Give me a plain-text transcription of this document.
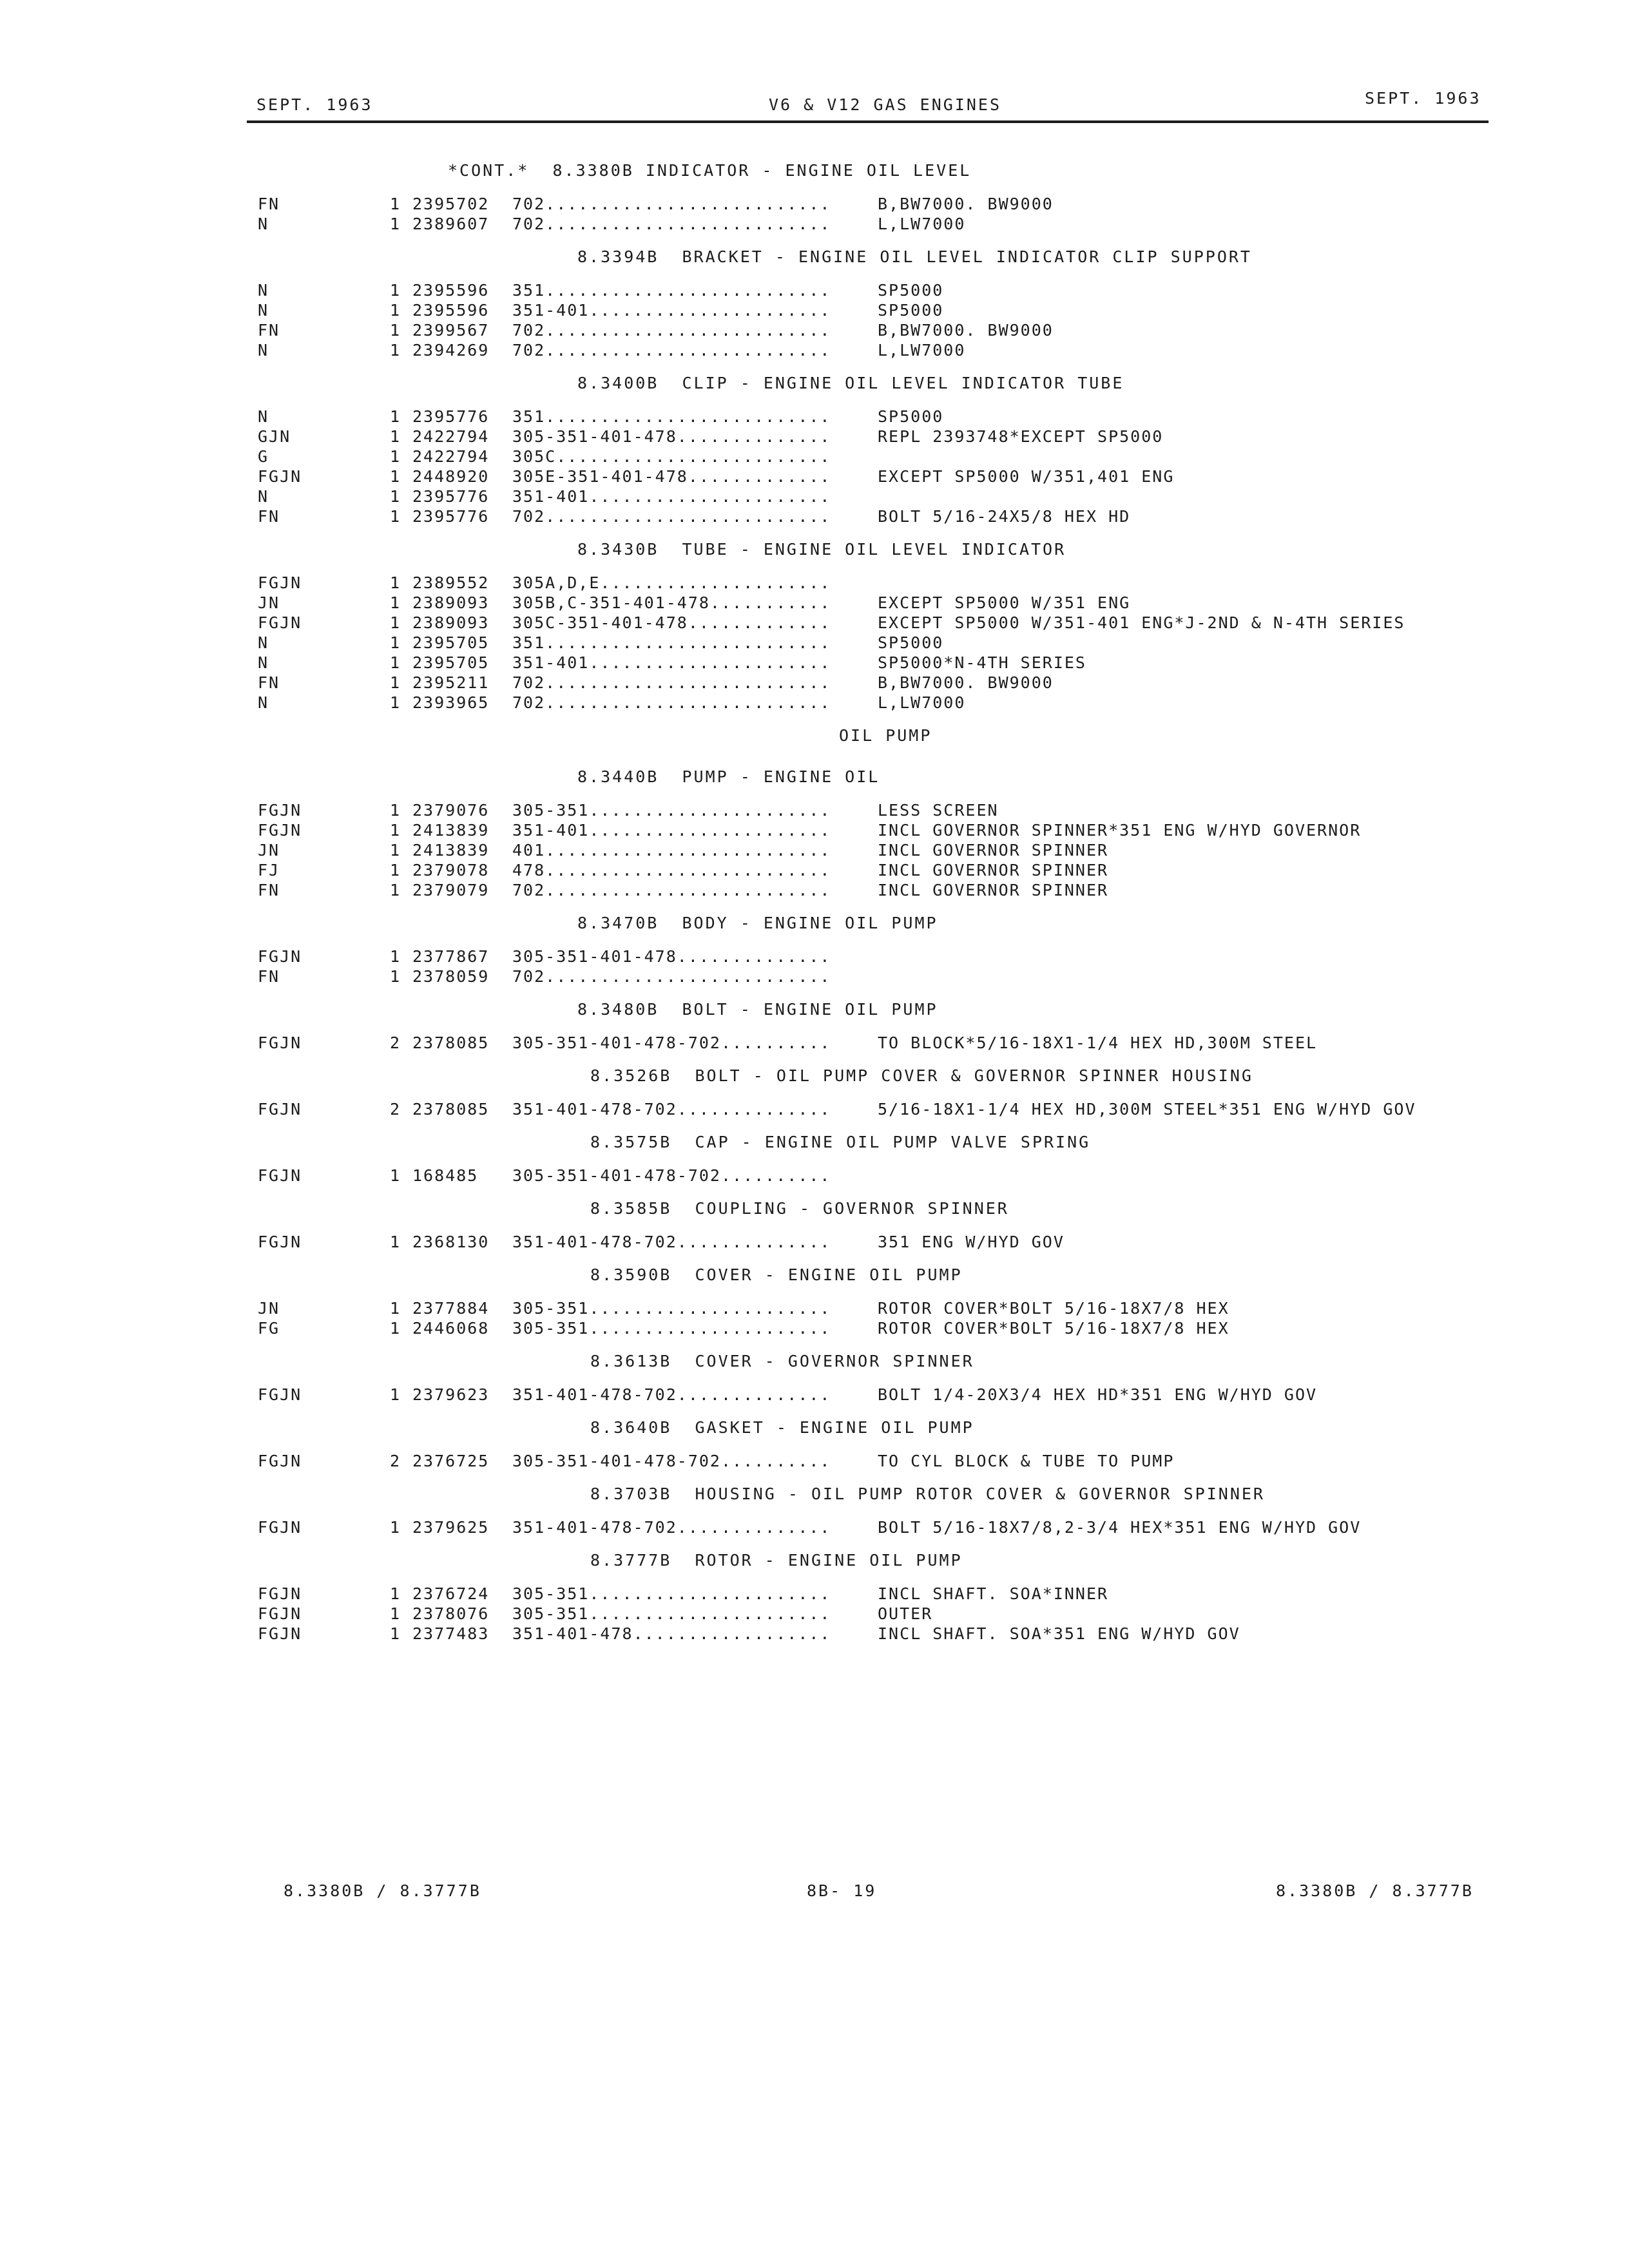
SEPT. 1963	V6 & V12 GAS ENGINES	SEPT. 1963
*CONT.*  8.3380B INDICATOR - ENGINE OIL LEVEL
FN	1 2395702 702..........................	B,BW7000. BW9000
N	1 2389607 702..........................	L,LW7000
8.3394B  BRACKET - ENGINE OIL LEVEL INDICATOR CLIP SUPPORT
N	1 2395596 351..........................	SP5000
N	1 2395596 351-401......................	SP5000
FN	1 2399567 702..........................	B,BW7000. BW9000
N	1 2394269 702..........................	L,LW7000
8.3400B  CLIP - ENGINE OIL LEVEL INDICATOR TUBE
N	1 2395776 351..........................	SP5000
GJN	1 2422794 305-351-401-478..............	REPL 2393748*EXCEPT SP5000
G	1 2422794 305C.........................
FGJN	1 2448920 305E-351-401-478.............	EXCEPT SP5000 W/351,401 ENG
N	1 2395776 351-401......................
FN	1 2395776 702..........................	BOLT 5/16-24X5/8 HEX HD
8.3430B  TUBE - ENGINE OIL LEVEL INDICATOR
FGJN	1 2389552 305A,D,E.....................
JN	1 2389093 305B,C-351-401-478...........	EXCEPT SP5000 W/351 ENG
FGJN	1 2389093 305C-351-401-478.............	EXCEPT SP5000 W/351-401 ENG*J-2ND & N-4TH SERIES
N	1 2395705 351..........................	SP5000
N	1 2395705 351-401......................	SP5000*N-4TH SERIES
FN	1 2395211 702..........................	B,BW7000. BW9000
N	1 2393965 702..........................	L,LW7000
OIL PUMP
8.3440B  PUMP - ENGINE OIL
FGJN	1 2379076 305-351......................	LESS SCREEN
FGJN	1 2413839 351-401......................	INCL GOVERNOR SPINNER*351 ENG W/HYD GOVERNOR
JN	1 2413839 401..........................	INCL GOVERNOR SPINNER
FJ	1 2379078 478..........................	INCL GOVERNOR SPINNER
FN	1 2379079 702..........................	INCL GOVERNOR SPINNER
8.3470B  BODY - ENGINE OIL PUMP
FGJN	1 2377867 305-351-401-478..............
FN	1 2378059 702..........................
8.3480B  BOLT - ENGINE OIL PUMP
FGJN	2 2378085 305-351-401-478-702..........	TO BLOCK*5/16-18X1-1/4 HEX HD,300M STEEL
8.3526B  BOLT - OIL PUMP COVER & GOVERNOR SPINNER HOUSING
FGJN	2 2378085 351-401-478-702..............	5/16-18X1-1/4 HEX HD,300M STEEL*351 ENG W/HYD GOV
8.3575B  CAP - ENGINE OIL PUMP VALVE SPRING
FGJN	1 168485 305-351-401-478-702..........
8.3585B  COUPLING - GOVERNOR SPINNER
FGJN	1 2368130 351-401-478-702..............	351 ENG W/HYD GOV
8.3590B  COVER - ENGINE OIL PUMP
JN	1 2377884 305-351......................	ROTOR COVER*BOLT 5/16-18X7/8 HEX
FG	1 2446068 305-351......................	ROTOR COVER*BOLT 5/16-18X7/8 HEX
8.3613B  COVER - GOVERNOR SPINNER
FGJN	1 2379623 351-401-478-702..............	BOLT 1/4-20X3/4 HEX HD*351 ENG W/HYD GOV
8.3640B  GASKET - ENGINE OIL PUMP
FGJN	2 2376725 305-351-401-478-702..........	TO CYL BLOCK & TUBE TO PUMP
8.3703B  HOUSING - OIL PUMP ROTOR COVER & GOVERNOR SPINNER
FGJN	1 2379625 351-401-478-702..............	BOLT 5/16-18X7/8,2-3/4 HEX*351 ENG W/HYD GOV
8.3777B  ROTOR - ENGINE OIL PUMP
FGJN	1 2376724 305-351......................	INCL SHAFT. SOA*INNER
FGJN	1 2378076 305-351......................	OUTER
FGJN	1 2377483 351-401-478..................	INCL SHAFT. SOA*351 ENG W/HYD GOV

8.3380B / 8.3777B

	8B- 19

	8.3380B / 8.3777B
